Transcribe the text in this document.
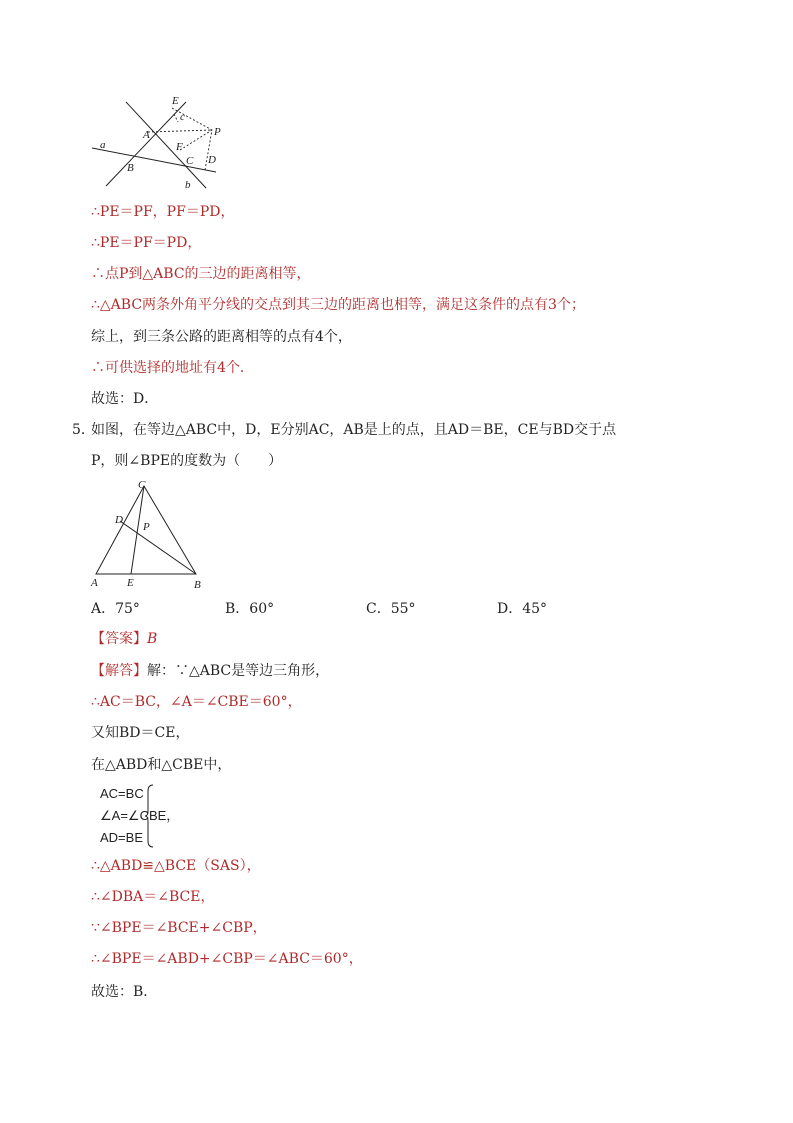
E
c
A	P
F
a
C D
B
b
∴PE＝PF，PF＝PD，
∴PE＝PF＝PD，
∴点P到△ABC的三边的距离相等，
∴△ABC两条外角平分线的交点到其三边的距离也相等，满足这条件的点有3个；
综上，到三条公路的距离相等的点有4个，
∴可供选择的地址有4个．
故选：D．
5．
如图，在等边△ABC中，D，E分别AC，AB是上的点，且AD＝BE，CE与BD交于点
P，则∠BPE的度数为（　　）
C
D
P
A	E	B
A．75°	B．60°	C．55°	D．45°
【答案】B
【解答】解：∵△ABC是等边三角形，
∴AC＝BC，∠A＝∠CBE＝60°，
又知BD＝CE，
在△ABD和△CBE中，
AC=BC
∠A=∠CBE，
AD=BE
∴△ABD≌△BCE（SAS），
∴∠DBA＝∠BCE，
∵∠BPE＝∠BCE+∠CBP，
∴∠BPE＝∠ABD+∠CBP＝∠ABC＝60°，
故选：B．
